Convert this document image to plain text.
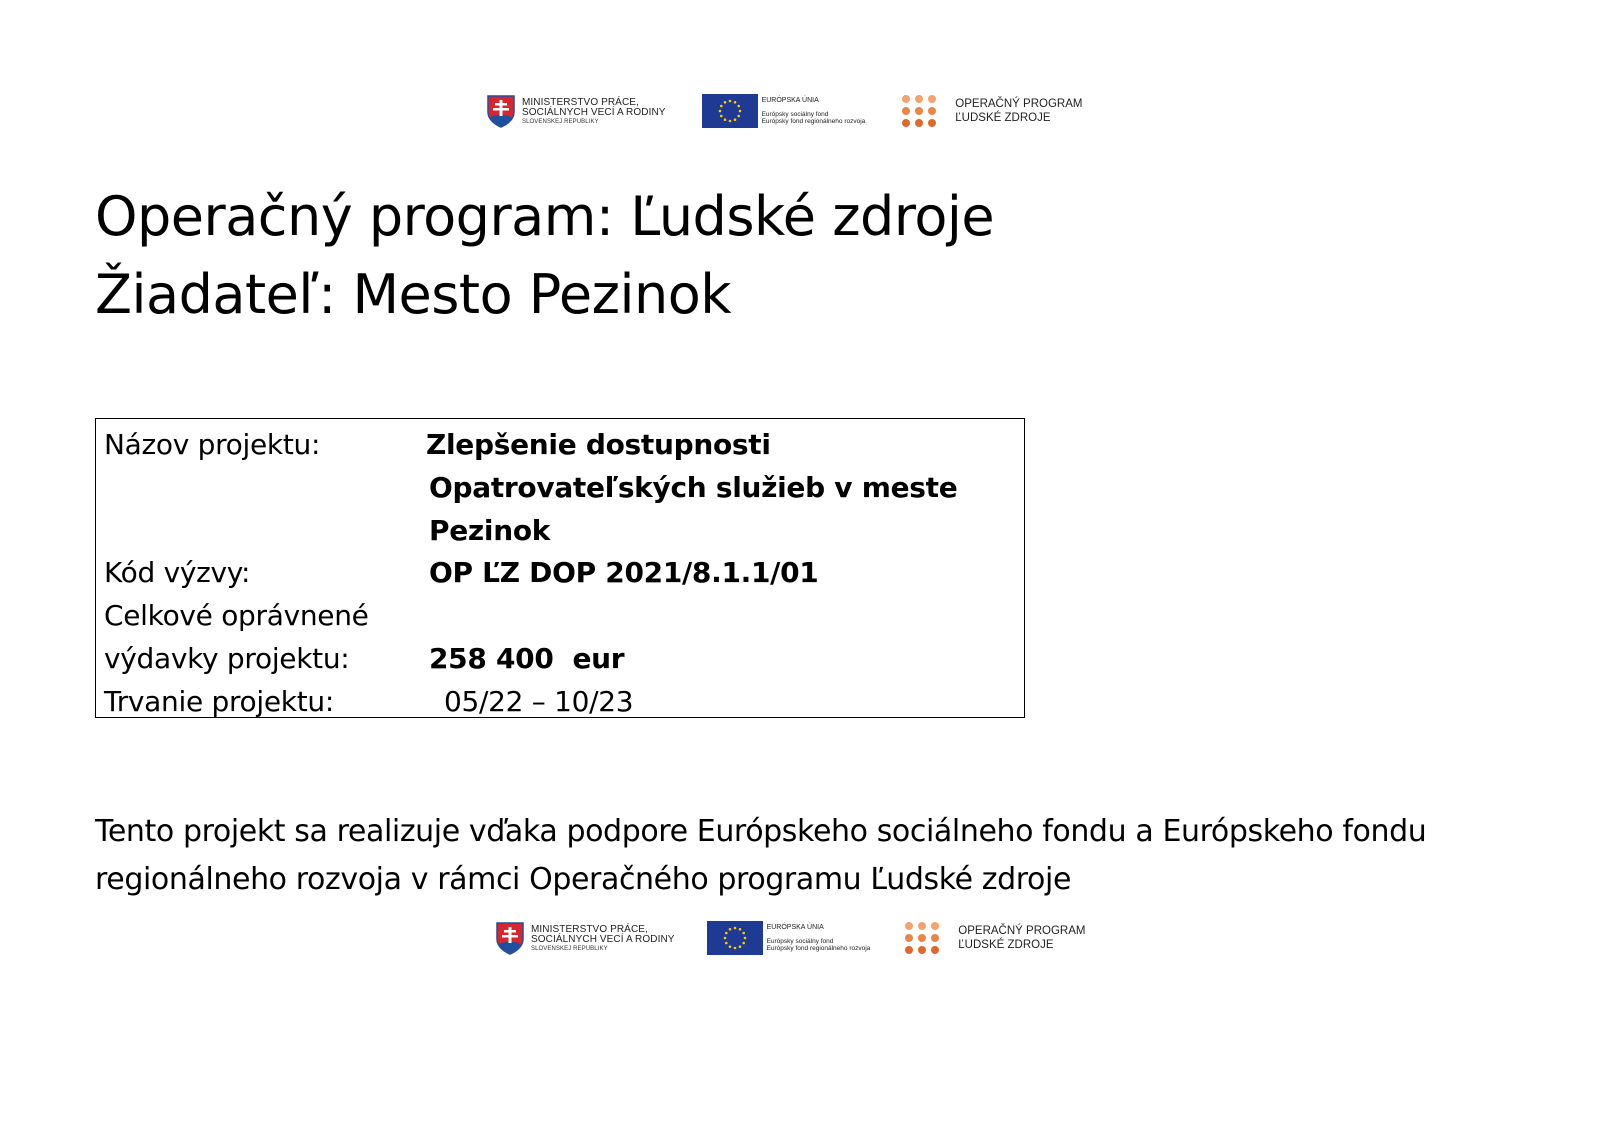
MINISTERSTVO PRÁCE,
SOCIÁLNYCH VECÍ A RODINY
SLOVENSKEJ REPUBLIKY
EURÓPSKA ÚNIA
Európsky sociálny fond
Európsky fond regionálneho rozvoja
OPERAČNÝ PROGRAM
ĽUDSKÉ ZDROJE
Operačný program: Ľudské zdroje
Žiadateľ: Mesto Pezinok
Názov projektu:	Zlepšenie dostupnosti
Opatrovateľských služieb v meste
Pezinok
Kód výzvy:	OP ĽZ DOP 2021/8.1.1/01
Celkové oprávnené
výdavky projektu:	258 400  eur
Trvanie projektu:	05/22 – 10/23

Tento projekt sa realizuje vďaka podpore Európskeho sociálneho fondu a Európskeho fondu regionálneho rozvoja v rámci Operačného programu Ľudské zdroje

MINISTERSTVO PRÁCE,
SOCIÁLNYCH VECÍ A RODINY
SLOVENSKEJ REPUBLIKY
EURÓPSKA ÚNIA
Európsky sociálny fond
Európsky fond regionálneho rozvoja
OPERAČNÝ PROGRAM
ĽUDSKÉ ZDROJE
